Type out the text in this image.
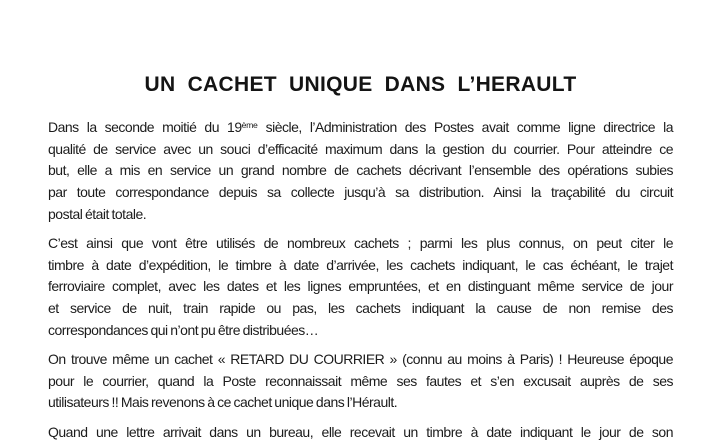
UN CACHET UNIQUE DANS L’HERAULT
Dans la seconde moitié du 19ème siècle, l’Administration des Postes avait comme ligne directrice la
qualité de service avec un souci d’efficacité maximum dans la gestion du courrier. Pour atteindre ce
but, elle a mis en service un grand nombre de cachets décrivant l’ensemble des opérations subies
par toute correspondance depuis sa collecte jusqu’à sa distribution. Ainsi la traçabilité du circuit
postal était totale.
C’est ainsi que vont être utilisés de nombreux cachets ; parmi les plus connus, on peut citer le
timbre à date d’expédition, le timbre à date d’arrivée, les cachets indiquant, le cas échéant, le trajet
ferroviaire complet, avec les dates et les lignes empruntées, et en distinguant même service de jour
et service de nuit, train rapide ou pas, les cachets indiquant la cause de non remise des
correspondances qui n’ont pu être distribuées…
On trouve même un cachet « RETARD DU COURRIER » (connu au moins à Paris) ! Heureuse époque
pour le courrier, quand la Poste reconnaissait même ses fautes et s’en excusait auprès de ses
utilisateurs !! Mais revenons à ce cachet unique dans l’Hérault.
Quand une lettre arrivait dans un bureau, elle recevait un timbre à date indiquant le jour de son
